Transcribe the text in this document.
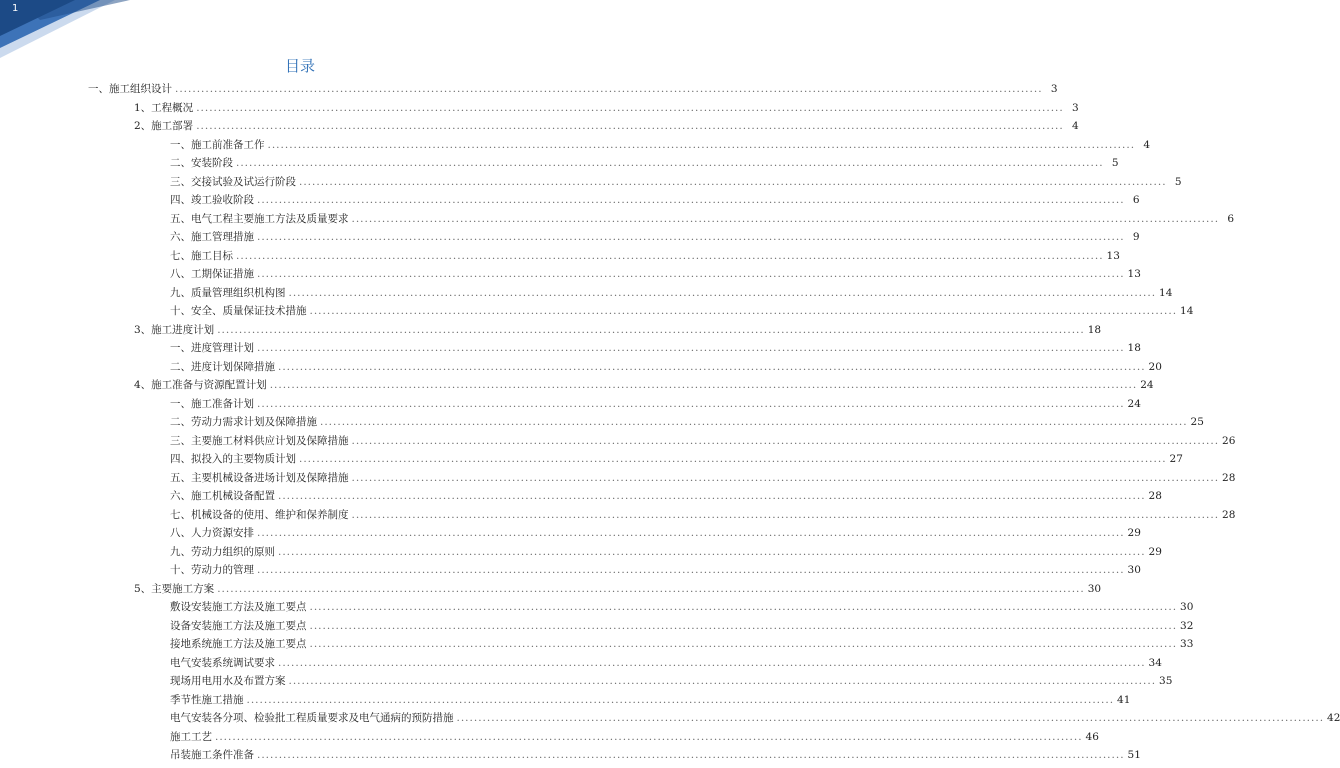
1
目录
一、施工组织设计 ........................................................................................................................................................................................................ 3
1、工程概况 ........................................................................................................................................................................................................ 3
2、施工部署 ........................................................................................................................................................................................................ 4
一、施工前准备工作 ........................................................................................................................................................................................................ 4
二、安装阶段 ........................................................................................................................................................................................................ 5
三、交接试验及试运行阶段 ........................................................................................................................................................................................................ 5
四、竣工验收阶段 ........................................................................................................................................................................................................ 6
五、电气工程主要施工方法及质量要求 ........................................................................................................................................................................................................ 6
六、施工管理措施 ........................................................................................................................................................................................................ 9
七、施工目标 ........................................................................................................................................................................................................ 13
八、工期保证措施 ........................................................................................................................................................................................................ 13
九、质量管理组织机构图 ........................................................................................................................................................................................................ 14
十、安全、质量保证技术措施 ........................................................................................................................................................................................................ 14
3、施工进度计划 ........................................................................................................................................................................................................ 18
一、进度管理计划 ........................................................................................................................................................................................................ 18
二、进度计划保障措施 ........................................................................................................................................................................................................ 20
4、施工准备与资源配置计划 ........................................................................................................................................................................................................ 24
一、施工准备计划 ........................................................................................................................................................................................................ 24
二、劳动力需求计划及保障措施 ........................................................................................................................................................................................................ 25
三、主要施工材料供应计划及保障措施 ........................................................................................................................................................................................................ 26
四、拟投入的主要物质计划 ........................................................................................................................................................................................................ 27
五、主要机械设备进场计划及保障措施 ........................................................................................................................................................................................................ 28
六、施工机械设备配置 ........................................................................................................................................................................................................ 28
七、机械设备的使用、维护和保养制度 ........................................................................................................................................................................................................ 28
八、人力资源安排 ........................................................................................................................................................................................................ 29
九、劳动力组织的原则 ........................................................................................................................................................................................................ 29
十、劳动力的管理 ........................................................................................................................................................................................................ 30
5、主要施工方案 ........................................................................................................................................................................................................ 30
敷设安装施工方法及施工要点 ........................................................................................................................................................................................................ 30
设备安装施工方法及施工要点 ........................................................................................................................................................................................................ 32
接地系统施工方法及施工要点 ........................................................................................................................................................................................................ 33
电气安装系统调试要求 ........................................................................................................................................................................................................ 34
现场用电用水及布置方案 ........................................................................................................................................................................................................ 35
季节性施工措施 ........................................................................................................................................................................................................ 41
电气安装各分项、检验批工程质量要求及电气通病的预防措施 ........................................................................................................................................................................................................ 42
施工工艺 ........................................................................................................................................................................................................ 46
吊装施工条件准备 ........................................................................................................................................................................................................ 51
